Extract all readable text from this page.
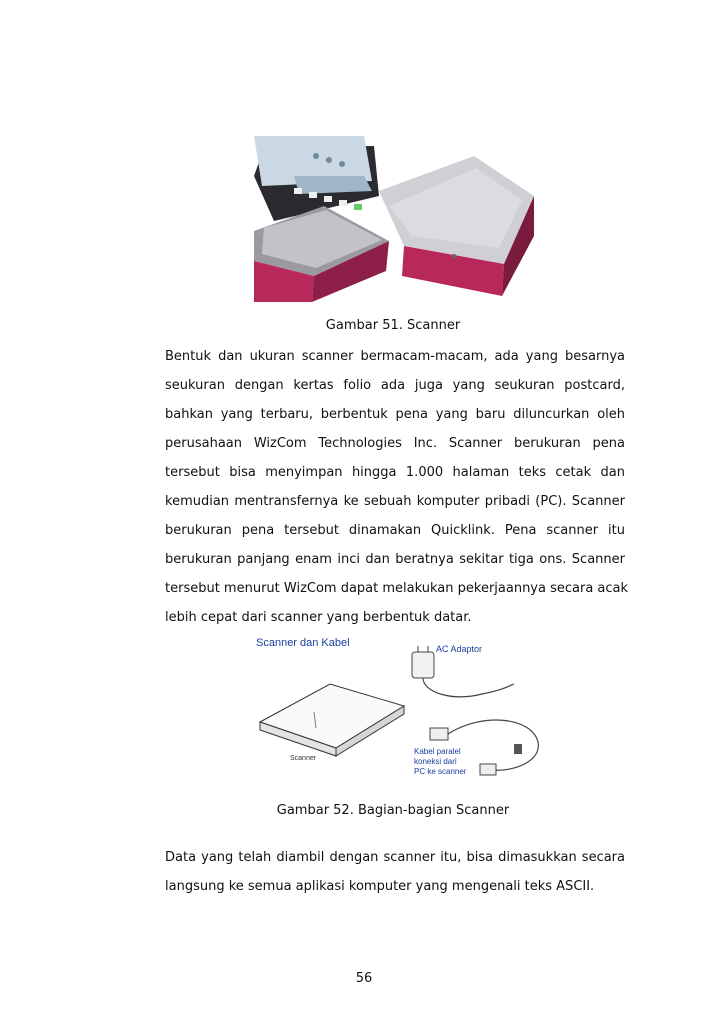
Gambar 51. Scanner
Bentuk dan ukuran scanner bermacam-macam, ada yang besarnya
seukuran dengan kertas folio ada juga yang seukuran postcard,
bahkan yang terbaru, berbentuk pena yang baru diluncurkan oleh
perusahaan WizCom Technologies Inc. Scanner berukuran pena
tersebut bisa menyimpan hingga 1.000 halaman teks cetak dan
kemudian mentransfernya ke sebuah komputer pribadi (PC). Scanner
berukuran pena tersebut dinamakan Quicklink. Pena scanner itu
berukuran panjang enam inci dan beratnya sekitar tiga ons. Scanner
tersebut menurut WizCom dapat melakukan pekerjaannya secara acak
lebih cepat dari scanner yang berbentuk datar.
Scanner dan Kabel	AC Adaptor
Scanner
Kabel paralel
koneksi dari
PC ke scanner
Gambar 52. Bagian-bagian Scanner
Data yang telah diambil dengan scanner itu, bisa dimasukkan secara
langsung ke semua aplikasi komputer yang mengenali teks ASCII.
56
